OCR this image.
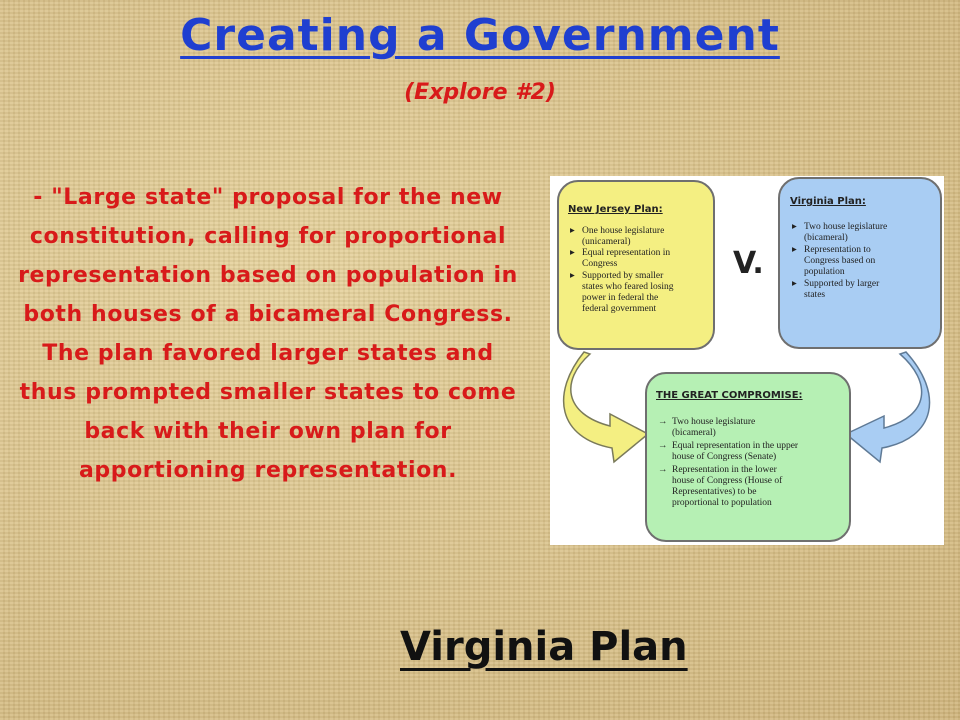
Creating a Government
(Explore #2)
- "Large state" proposal for the new constitution, calling for proportional representation based on population in both houses of a bicameral Congress. The plan favored larger states and thus prompted smaller states to come back with their own plan for apportioning representation.
V.
New Jersey Plan:
▸ One house legislature
(unicameral)
▸ Equal representation in
Congress
▸ Supported by smaller
states who feared losing
power in federal the
federal government
Virginia Plan:
▸ Two house legislature
(bicameral)
▸ Representation to
Congress based on
population
▸ Supported by larger
states
THE GREAT COMPROMISE:
→ Two house legislature
(bicameral)
→ Equal representation in the upper
house of Congress (Senate)
→ Representation in the lower
house of Congress (House of
Representatives) to be
proportional to population
Virginia Plan
